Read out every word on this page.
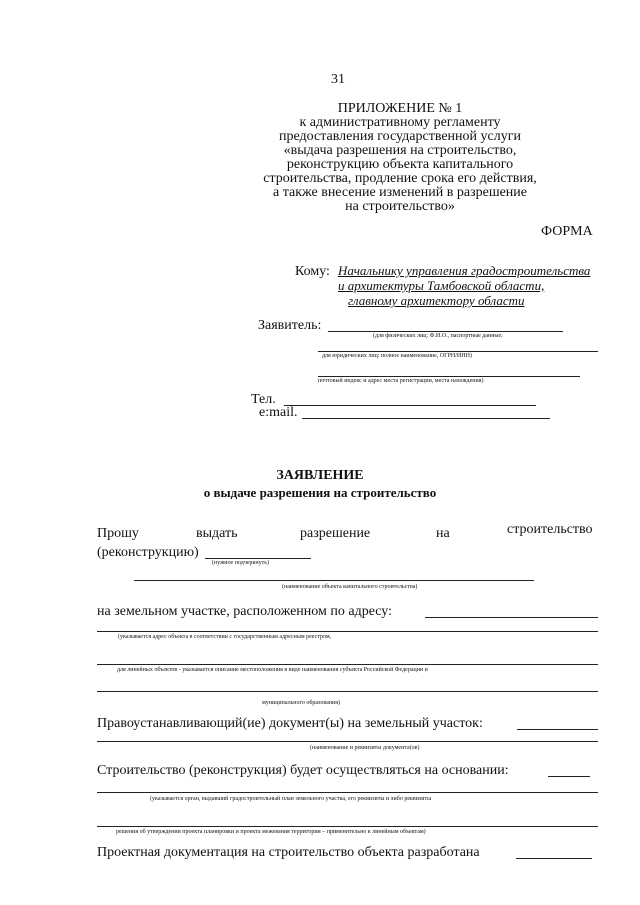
31
ПРИЛОЖЕНИЕ № 1
к административному регламенту
предоставления государственной услуги
«выдача разрешения на строительство,
реконструкцию объекта капитального
строительства, продление срока его действия,
а также внесение изменений в разрешение
на строительство»
ФОРМА
Кому: Начальнику управления градостроительства
и архитектуры Тамбовской области,
главному архитектору области
Заявитель:
(для физических лиц: Ф.И.О., паспортные данные;
для юридических лиц: полное наименование, ОГРН/ИНН)
почтовый индекс и адрес места регистрации, места нахождения)
Тел.
e:mail.
ЗАЯВЛЕНИЕ
о выдаче разрешения на строительство
Прошу	выдать	разрешение	на	строительство
(реконструкцию)
(нужное подчеркнуть)
(наименование объекта капитального строительства)
на земельном участке, расположенном по адресу:
(указывается адрес объекта в соответствии с государственным адресным реестром,
для линейных объектов - указывается описание местоположения в виде наименования субъекта Российской Федерации и
муниципального образования)
Правоустанавливающий(ие) документ(ы) на земельный участок:
(наименование и реквизиты документа(ов)
Строительство (реконструкция) будет осуществляться на основании:
(указывается орган, выдавший градостроительный план земельного участка, его реквизиты и либо реквизиты
решения об утверждении проекта планировки и проекта межевания территории – применительно к линейным объектам)
Проектная документация на строительство объекта разработана
